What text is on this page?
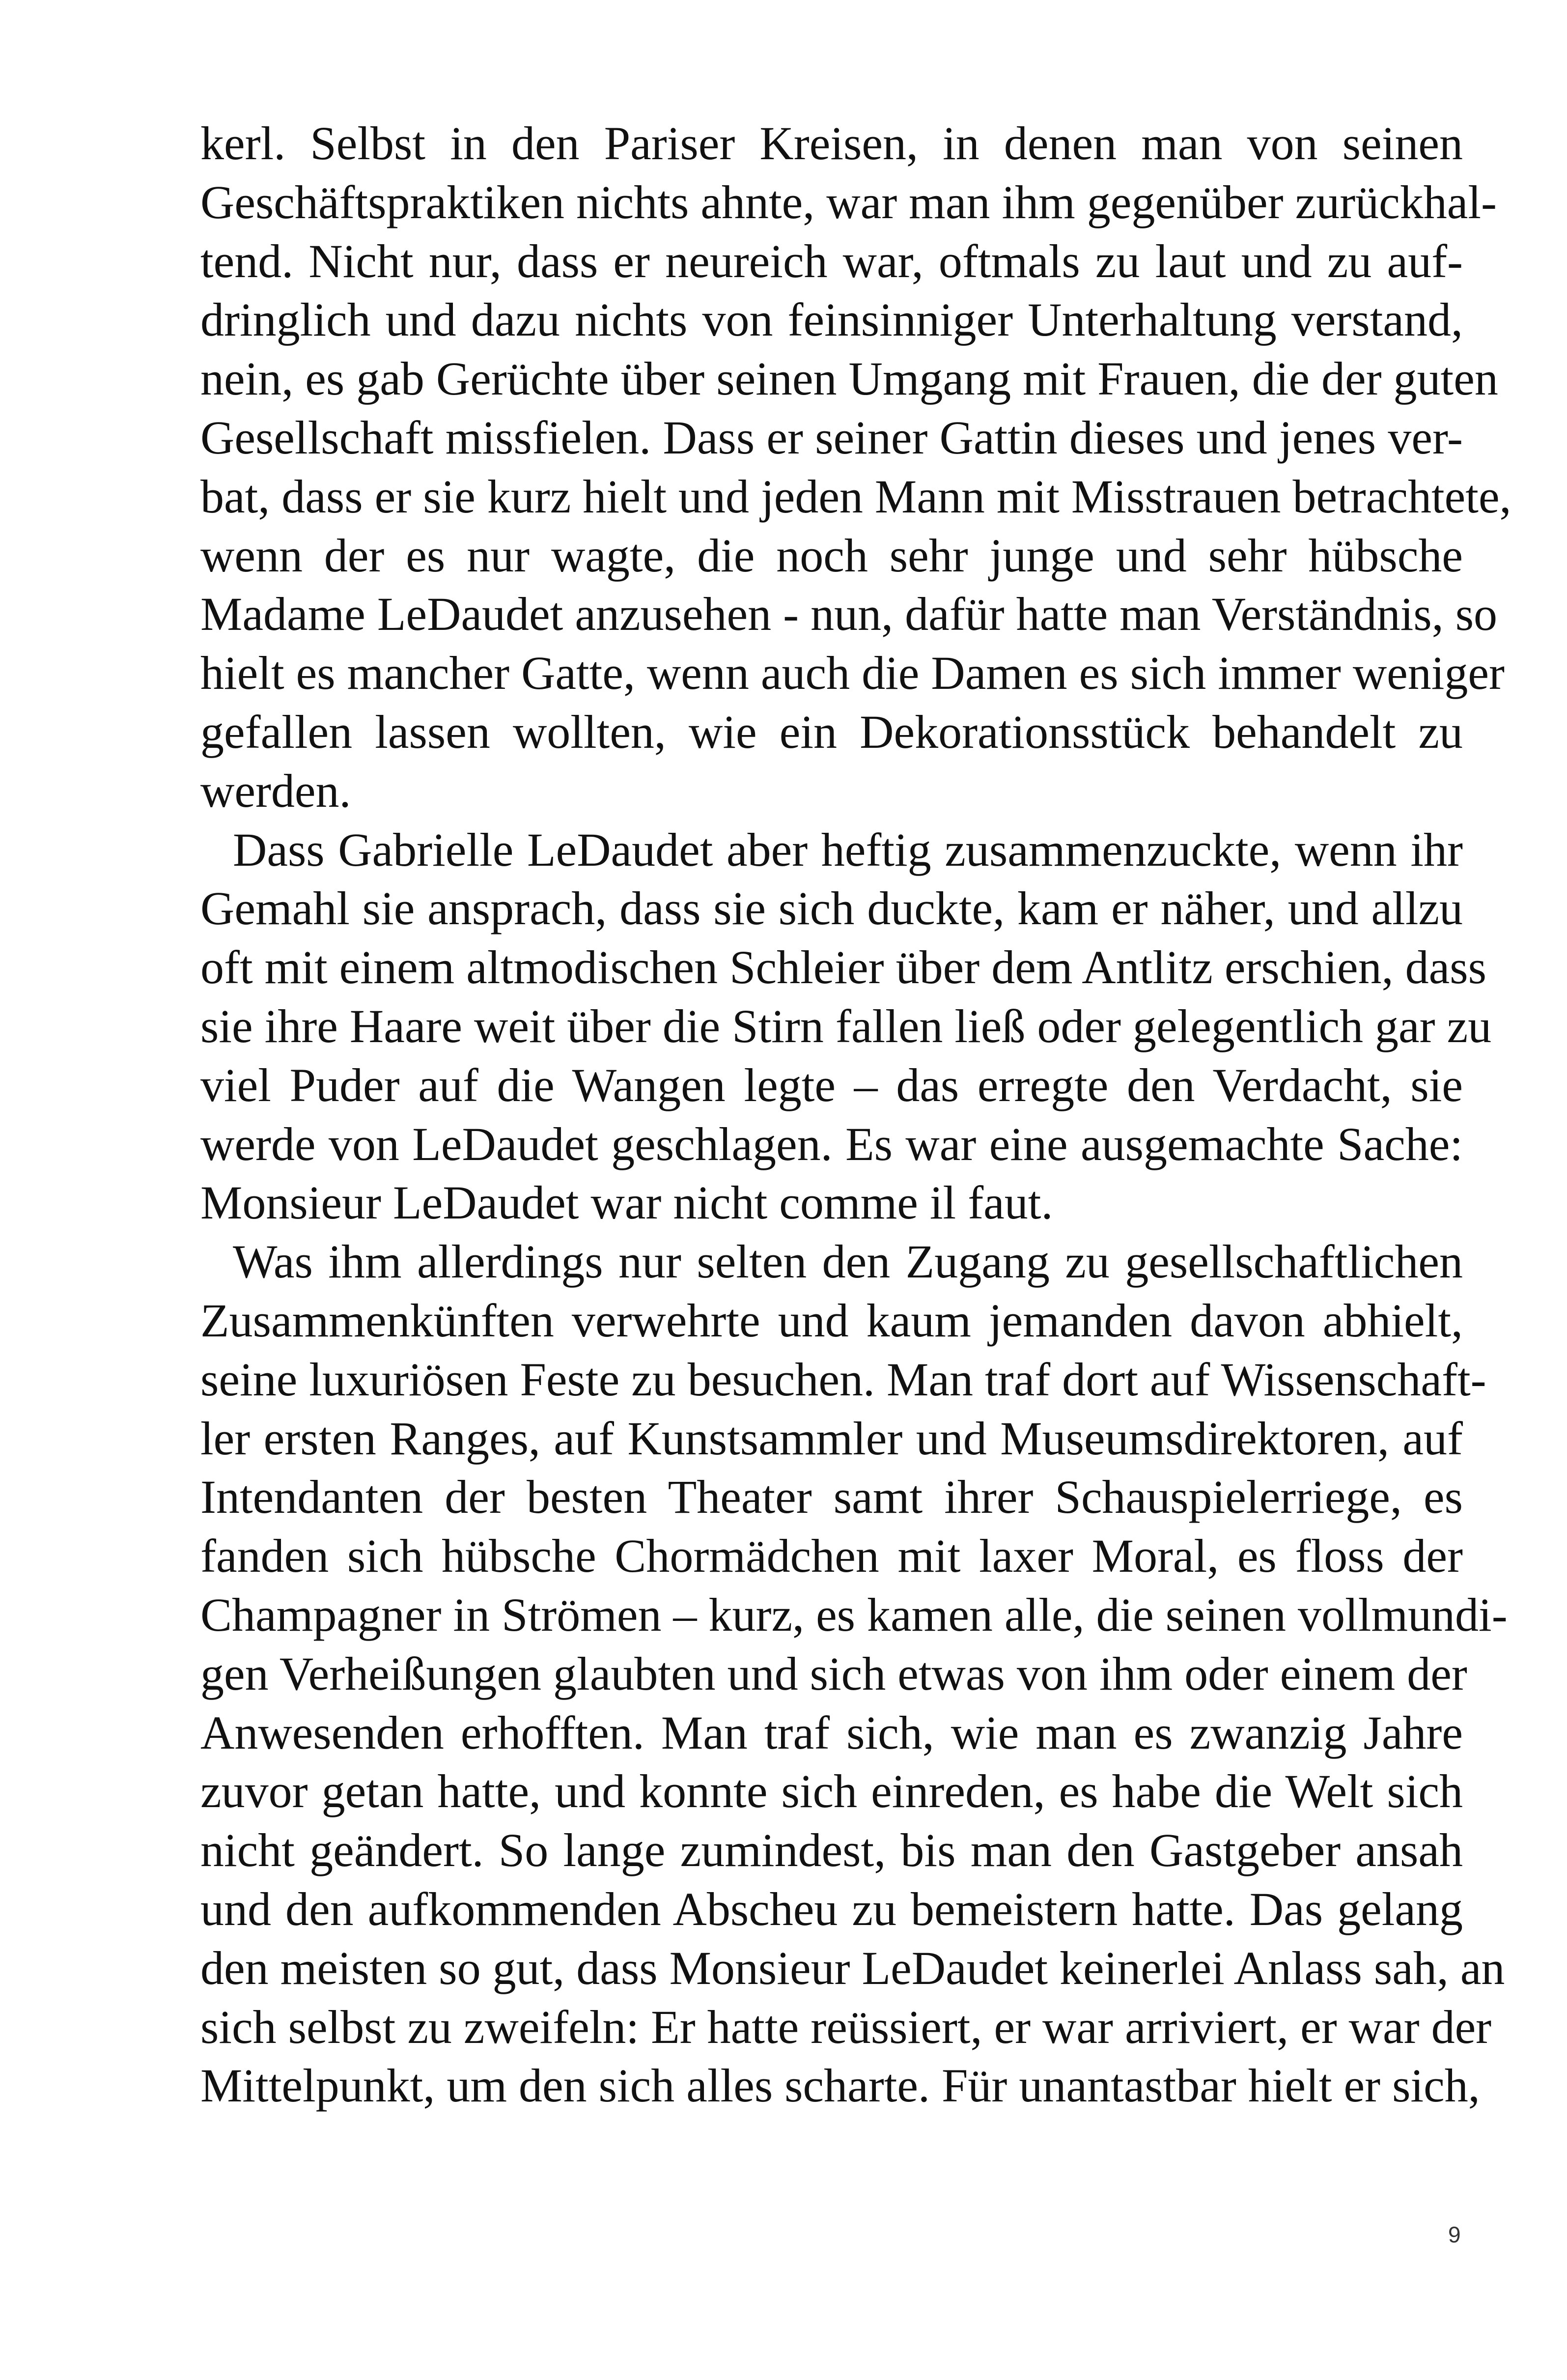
kerl. Selbst in den Pariser Kreisen, in denen man von seinen
Geschäftspraktiken nichts ahnte, war man ihm gegenüber zurückhal-
tend. Nicht nur, dass er neureich war, oftmals zu laut und zu auf-
dringlich und dazu nichts von feinsinniger Unterhaltung verstand,
nein, es gab Gerüchte über seinen Umgang mit Frauen, die der guten
Gesellschaft missfielen. Dass er seiner Gattin dieses und jenes ver-
bat, dass er sie kurz hielt und jeden Mann mit Misstrauen betrachtete,
wenn der es nur wagte, die noch sehr junge und sehr hübsche
Madame LeDaudet anzusehen - nun, dafür hatte man Verständnis, so
hielt es mancher Gatte, wenn auch die Damen es sich immer weniger
gefallen lassen wollten, wie ein Dekorationsstück behandelt zu
werden.
Dass Gabrielle LeDaudet aber heftig zusammenzuckte, wenn ihr
Gemahl sie ansprach, dass sie sich duckte, kam er näher, und allzu
oft mit einem altmodischen Schleier über dem Antlitz erschien, dass
sie ihre Haare weit über die Stirn fallen ließ oder gelegentlich gar zu
viel Puder auf die Wangen legte – das erregte den Verdacht, sie
werde von LeDaudet geschlagen. Es war eine ausgemachte Sache:
Monsieur LeDaudet war nicht comme il faut.
Was ihm allerdings nur selten den Zugang zu gesellschaftlichen
Zusammenkünften verwehrte und kaum jemanden davon abhielt,
seine luxuriösen Feste zu besuchen. Man traf dort auf Wissenschaft-
ler ersten Ranges, auf Kunstsammler und Museumsdirektoren, auf
Intendanten der besten Theater samt ihrer Schauspielerriege, es
fanden sich hübsche Chormädchen mit laxer Moral, es floss der
Champagner in Strömen – kurz, es kamen alle, die seinen vollmundi-
gen Verheißungen glaubten und sich etwas von ihm oder einem der
Anwesenden erhofften. Man traf sich, wie man es zwanzig Jahre
zuvor getan hatte, und konnte sich einreden, es habe die Welt sich
nicht geändert. So lange zumindest, bis man den Gastgeber ansah
und den aufkommenden Abscheu zu bemeistern hatte. Das gelang
den meisten so gut, dass Monsieur LeDaudet keinerlei Anlass sah, an
sich selbst zu zweifeln: Er hatte reüssiert, er war arriviert, er war der
Mittelpunkt, um den sich alles scharte. Für unantastbar hielt er sich,
9
